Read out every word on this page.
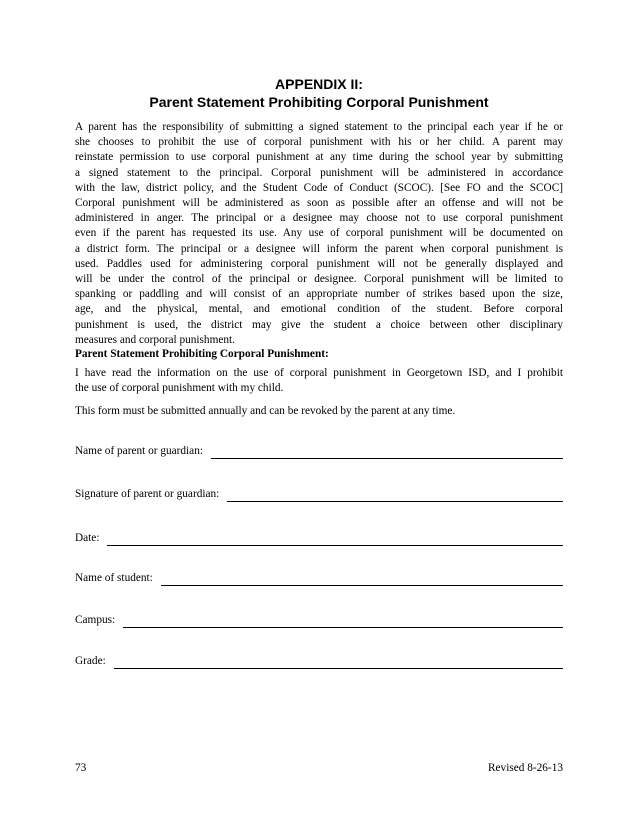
APPENDIX II:
Parent Statement Prohibiting Corporal Punishment
A parent has the responsibility of submitting a signed statement to the principal each year if he or
she chooses to prohibit the use of corporal punishment with his or her child. A parent may
reinstate permission to use corporal punishment at any time during the school year by submitting
a signed statement to the principal. Corporal punishment will be administered in accordance
with the law, district policy, and the Student Code of Conduct (SCOC). [See FO and the SCOC]
Corporal punishment will be administered as soon as possible after an offense and will not be
administered in anger. The principal or a designee may choose not to use corporal punishment
even if the parent has requested its use. Any use of corporal punishment will be documented on
a district form. The principal or a designee will inform the parent when corporal punishment is
used. Paddles used for administering corporal punishment will not be generally displayed and
will be under the control of the principal or designee. Corporal punishment will be limited to
spanking or paddling and will consist of an appropriate number of strikes based upon the size,
age, and the physical, mental, and emotional condition of the student. Before corporal
punishment is used, the district may give the student a choice between other disciplinary
measures and corporal punishment.
Parent Statement Prohibiting Corporal Punishment:
I have read the information on the use of corporal punishment in Georgetown ISD, and I prohibit
the use of corporal punishment with my child.
This form must be submitted annually and can be revoked by the parent at any time.
Name of parent or guardian:
Signature of parent or guardian:
Date:
Name of student:
Campus:
Grade:
73	Revised 8-26-13
